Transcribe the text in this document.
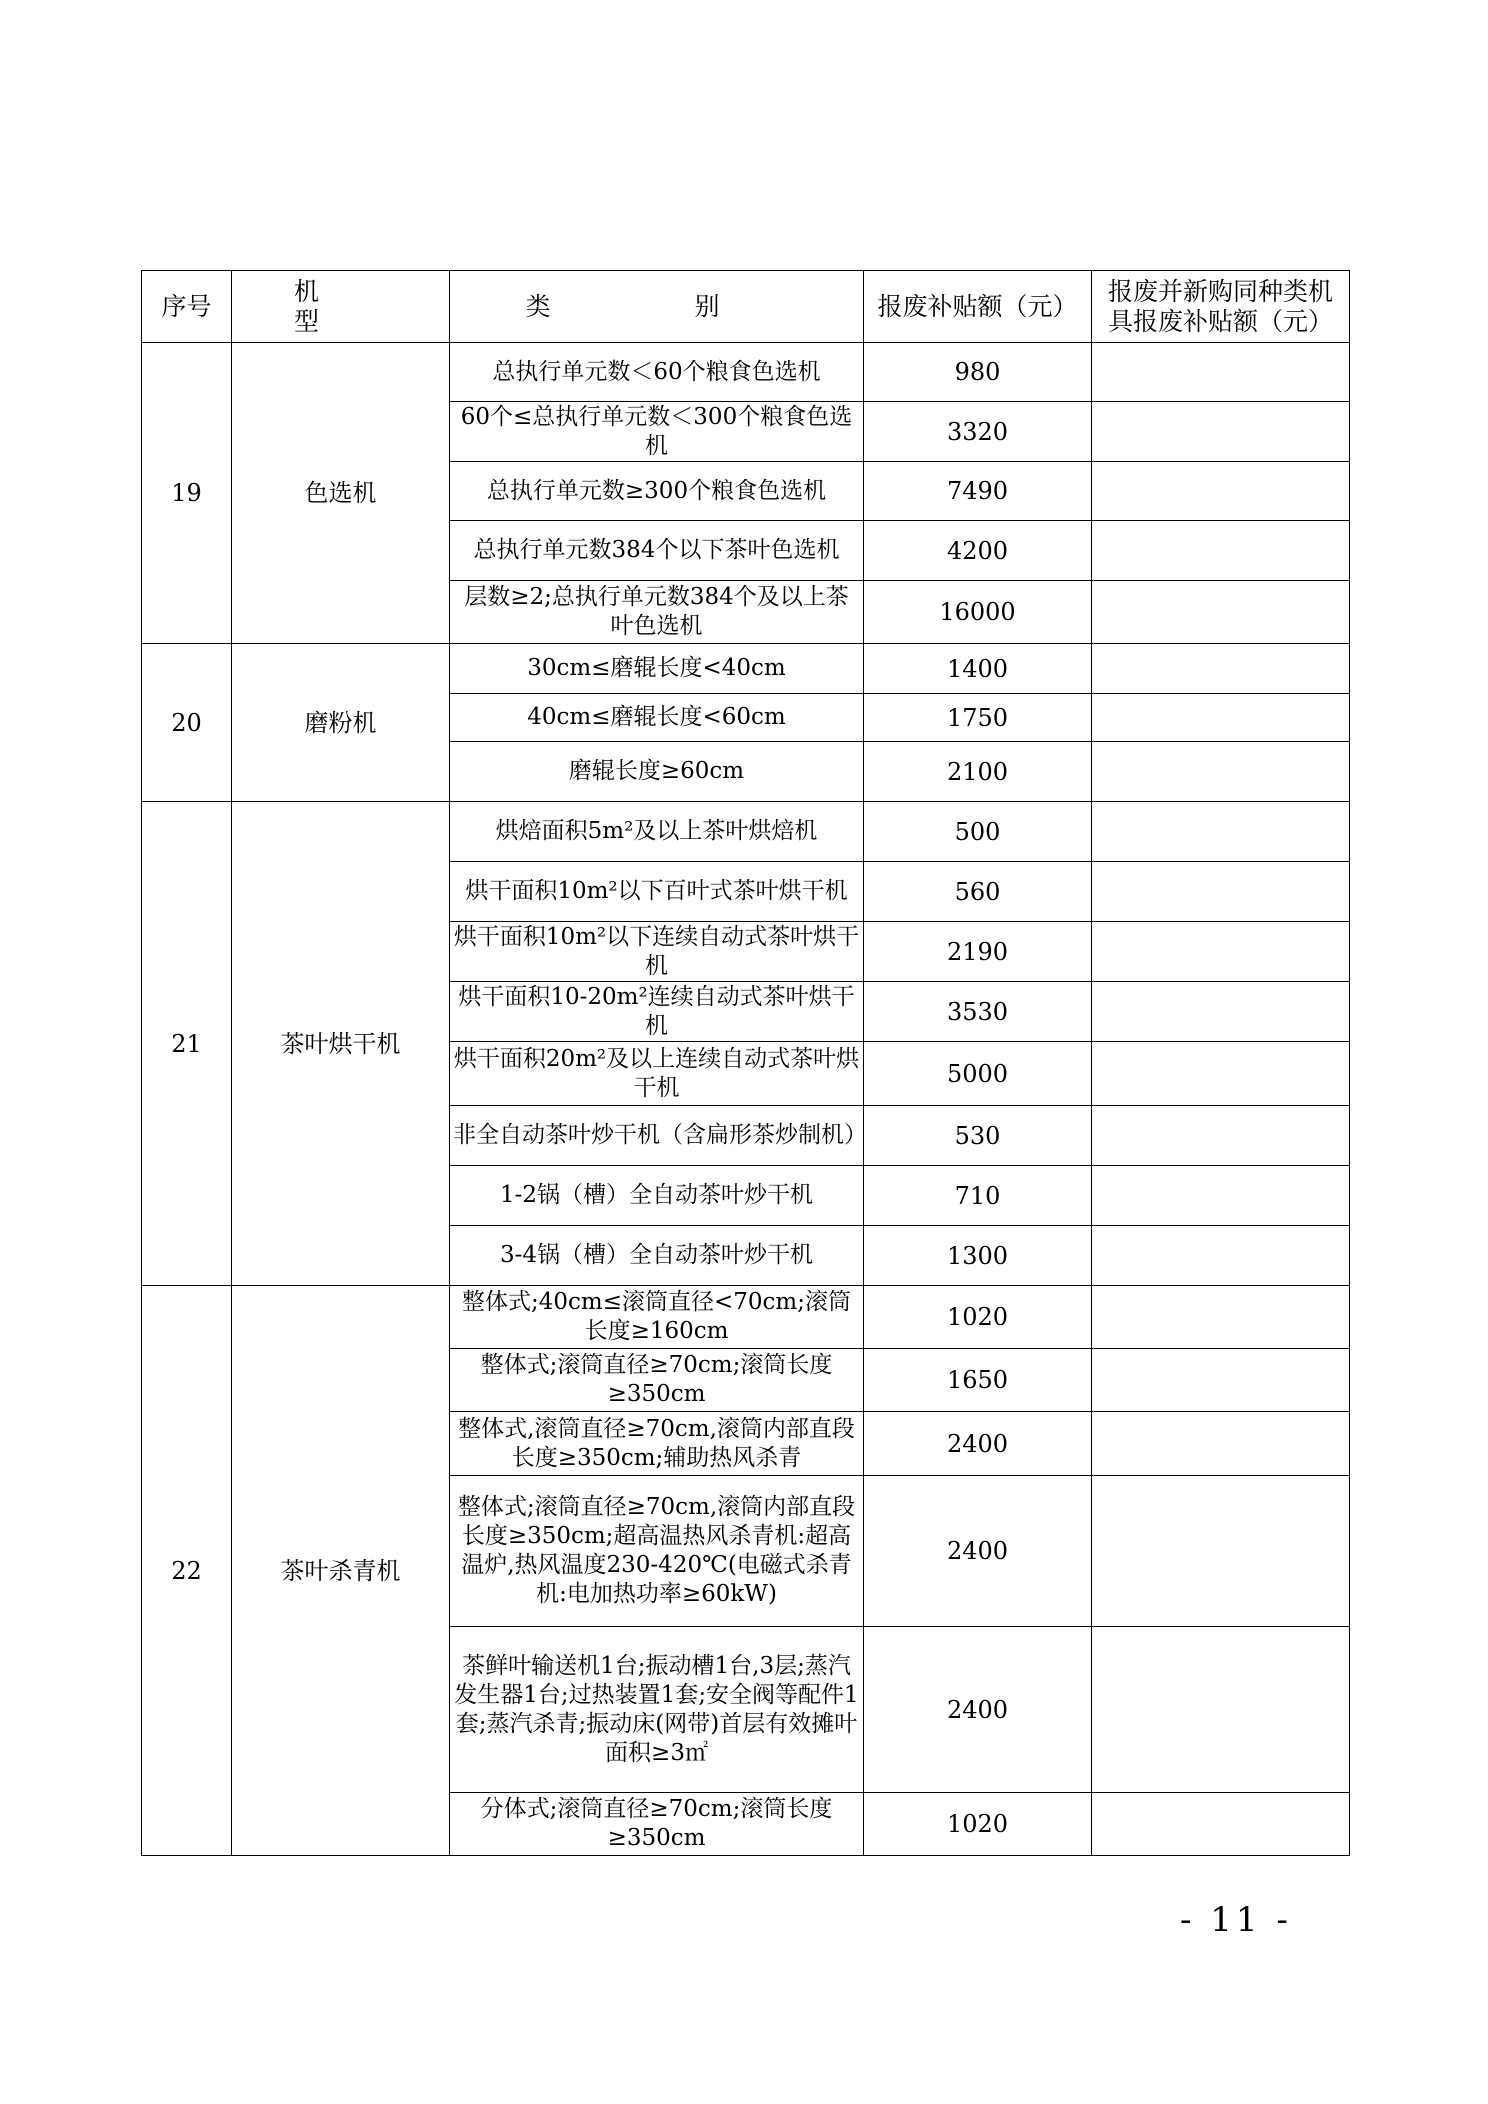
序号	机 型	类 别	报废补贴额（元）	报废并新购同种类机具报废补贴额（元）
19	色选机	总执行单元数＜60个粮食色选机	980	
		60个≤总执行单元数＜300个粮食色选机	3320	
		总执行单元数≥300个粮食色选机	7490	
		总执行单元数384个以下茶叶色选机	4200	
		层数≥2;总执行单元数384个及以上茶叶色选机	16000	
20	磨粉机	30cm≤磨辊长度<40cm	1400	
		40cm≤磨辊长度<60cm	1750	
		磨辊长度≥60cm	2100	
21	茶叶烘干机	烘焙面积5m²及以上茶叶烘焙机	500	
		烘干面积10m²以下百叶式茶叶烘干机	560	
		烘干面积10m²以下连续自动式茶叶烘干机	2190	
		烘干面积10-20m²连续自动式茶叶烘干机	3530	
		烘干面积20m²及以上连续自动式茶叶烘干机	5000	
		非全自动茶叶炒干机（含扁形茶炒制机）	530	
		1-2锅（槽）全自动茶叶炒干机	710	
		3-4锅（槽）全自动茶叶炒干机	1300	
22	茶叶杀青机	整体式;40cm≤滚筒直径<70cm;滚筒长度≥160cm	1020	
		整体式;滚筒直径≥70cm;滚筒长度≥350cm	1650	
		整体式,滚筒直径≥70cm,滚筒内部直段长度≥350cm;辅助热风杀青	2400	
		整体式;滚筒直径≥70cm,滚筒内部直段长度≥350cm;超高温热风杀青机:超高温炉,热风温度230-420℃(电磁式杀青机:电加热功率≥60kW)	2400	
		茶鲜叶输送机1台;振动槽1台,3层;蒸汽发生器1台;过热装置1套;安全阀等配件1套;蒸汽杀青;振动床(网带)首层有效摊叶面积≥3㎡	2400	
		分体式;滚筒直径≥70cm;滚筒长度≥350cm	1020	
- 11 -
